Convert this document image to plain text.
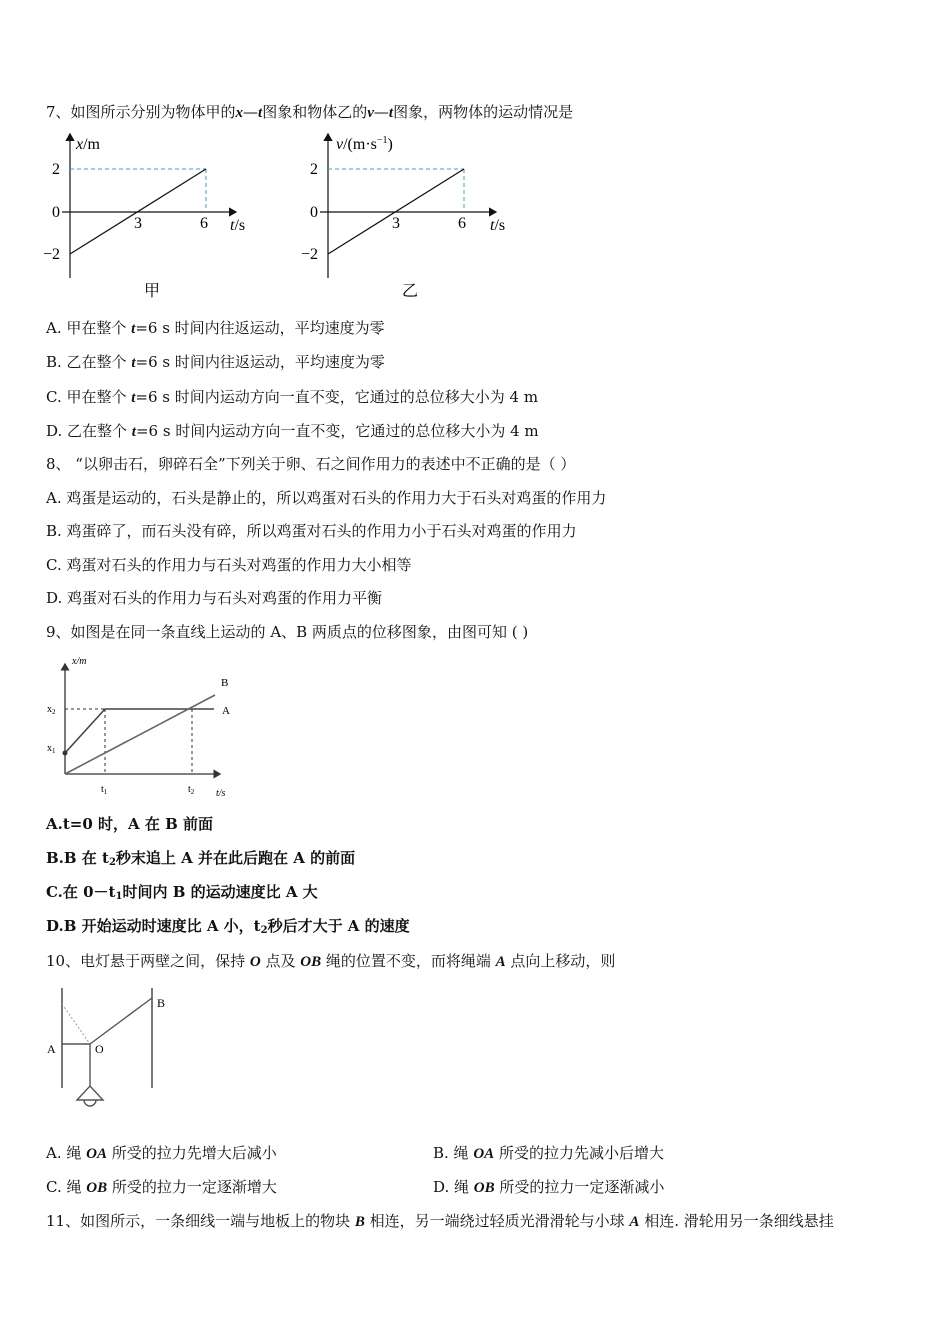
7、如图所示分别为物体甲的x—t图象和物体乙的v—t图象，两物体的运动情况是
x/m
2
0
−2
3	6 t/s
甲
$v/(m\cdot s^{-1})$
2
0
−2
3	6 t/s
乙
A. 甲在整个 t=6 s 时间内往返运动，平均速度为零
B. 乙在整个 t=6 s 时间内往返运动，平均速度为零
C. 甲在整个 t=6 s 时间内运动方向一直不变，它通过的总位移大小为 4 m
D. 乙在整个 t=6 s 时间内运动方向一直不变，它通过的总位移大小为 4 m
8、 “以卵击石，卵碎石全”下列关于卵、石之间作用力的表述中不正确的是（ ）
A. 鸡蛋是运动的，石头是静止的，所以鸡蛋对石头的作用力大于石头对鸡蛋的作用力
B. 鸡蛋碎了，而石头没有碎，所以鸡蛋对石头的作用力小于石头对鸡蛋的作用力
C. 鸡蛋对石头的作用力与石头对鸡蛋的作用力大小相等
D. 鸡蛋对石头的作用力与石头对鸡蛋的作用力平衡
9、如图是在同一条直线上运动的 A、B 两质点的位移图象，由图可知 ( )
x/m
$x_2$
$x_1$
$t_1$	$t_2$ t/s
B
A
A.t=0 时，A 在 B 前面
B.B 在 $t_2$秒末追上 A 并在此后跑在 A 的前面
C.在 $0-t_1$时间内 B 的运动速度比 A 大
D.B 开始运动时速度比 A 小，$t_2$秒后才大于 A 的速度
10、电灯悬于两壁之间，保持 O 点及 OB 绳的位置不变，而将绳端 A 点向上移动，则
A	O
B
A. 绳 OA 所受的拉力先增大后减小	B. 绳 OA 所受的拉力先减小后增大
C. 绳 OB 所受的拉力一定逐渐增大	D. 绳 OB 所受的拉力一定逐渐减小
11、如图所示，一条细线一端与地板上的物块 B 相连，另一端绕过轻质光滑滑轮与小球 A 相连. 滑轮用另一条细线悬挂
